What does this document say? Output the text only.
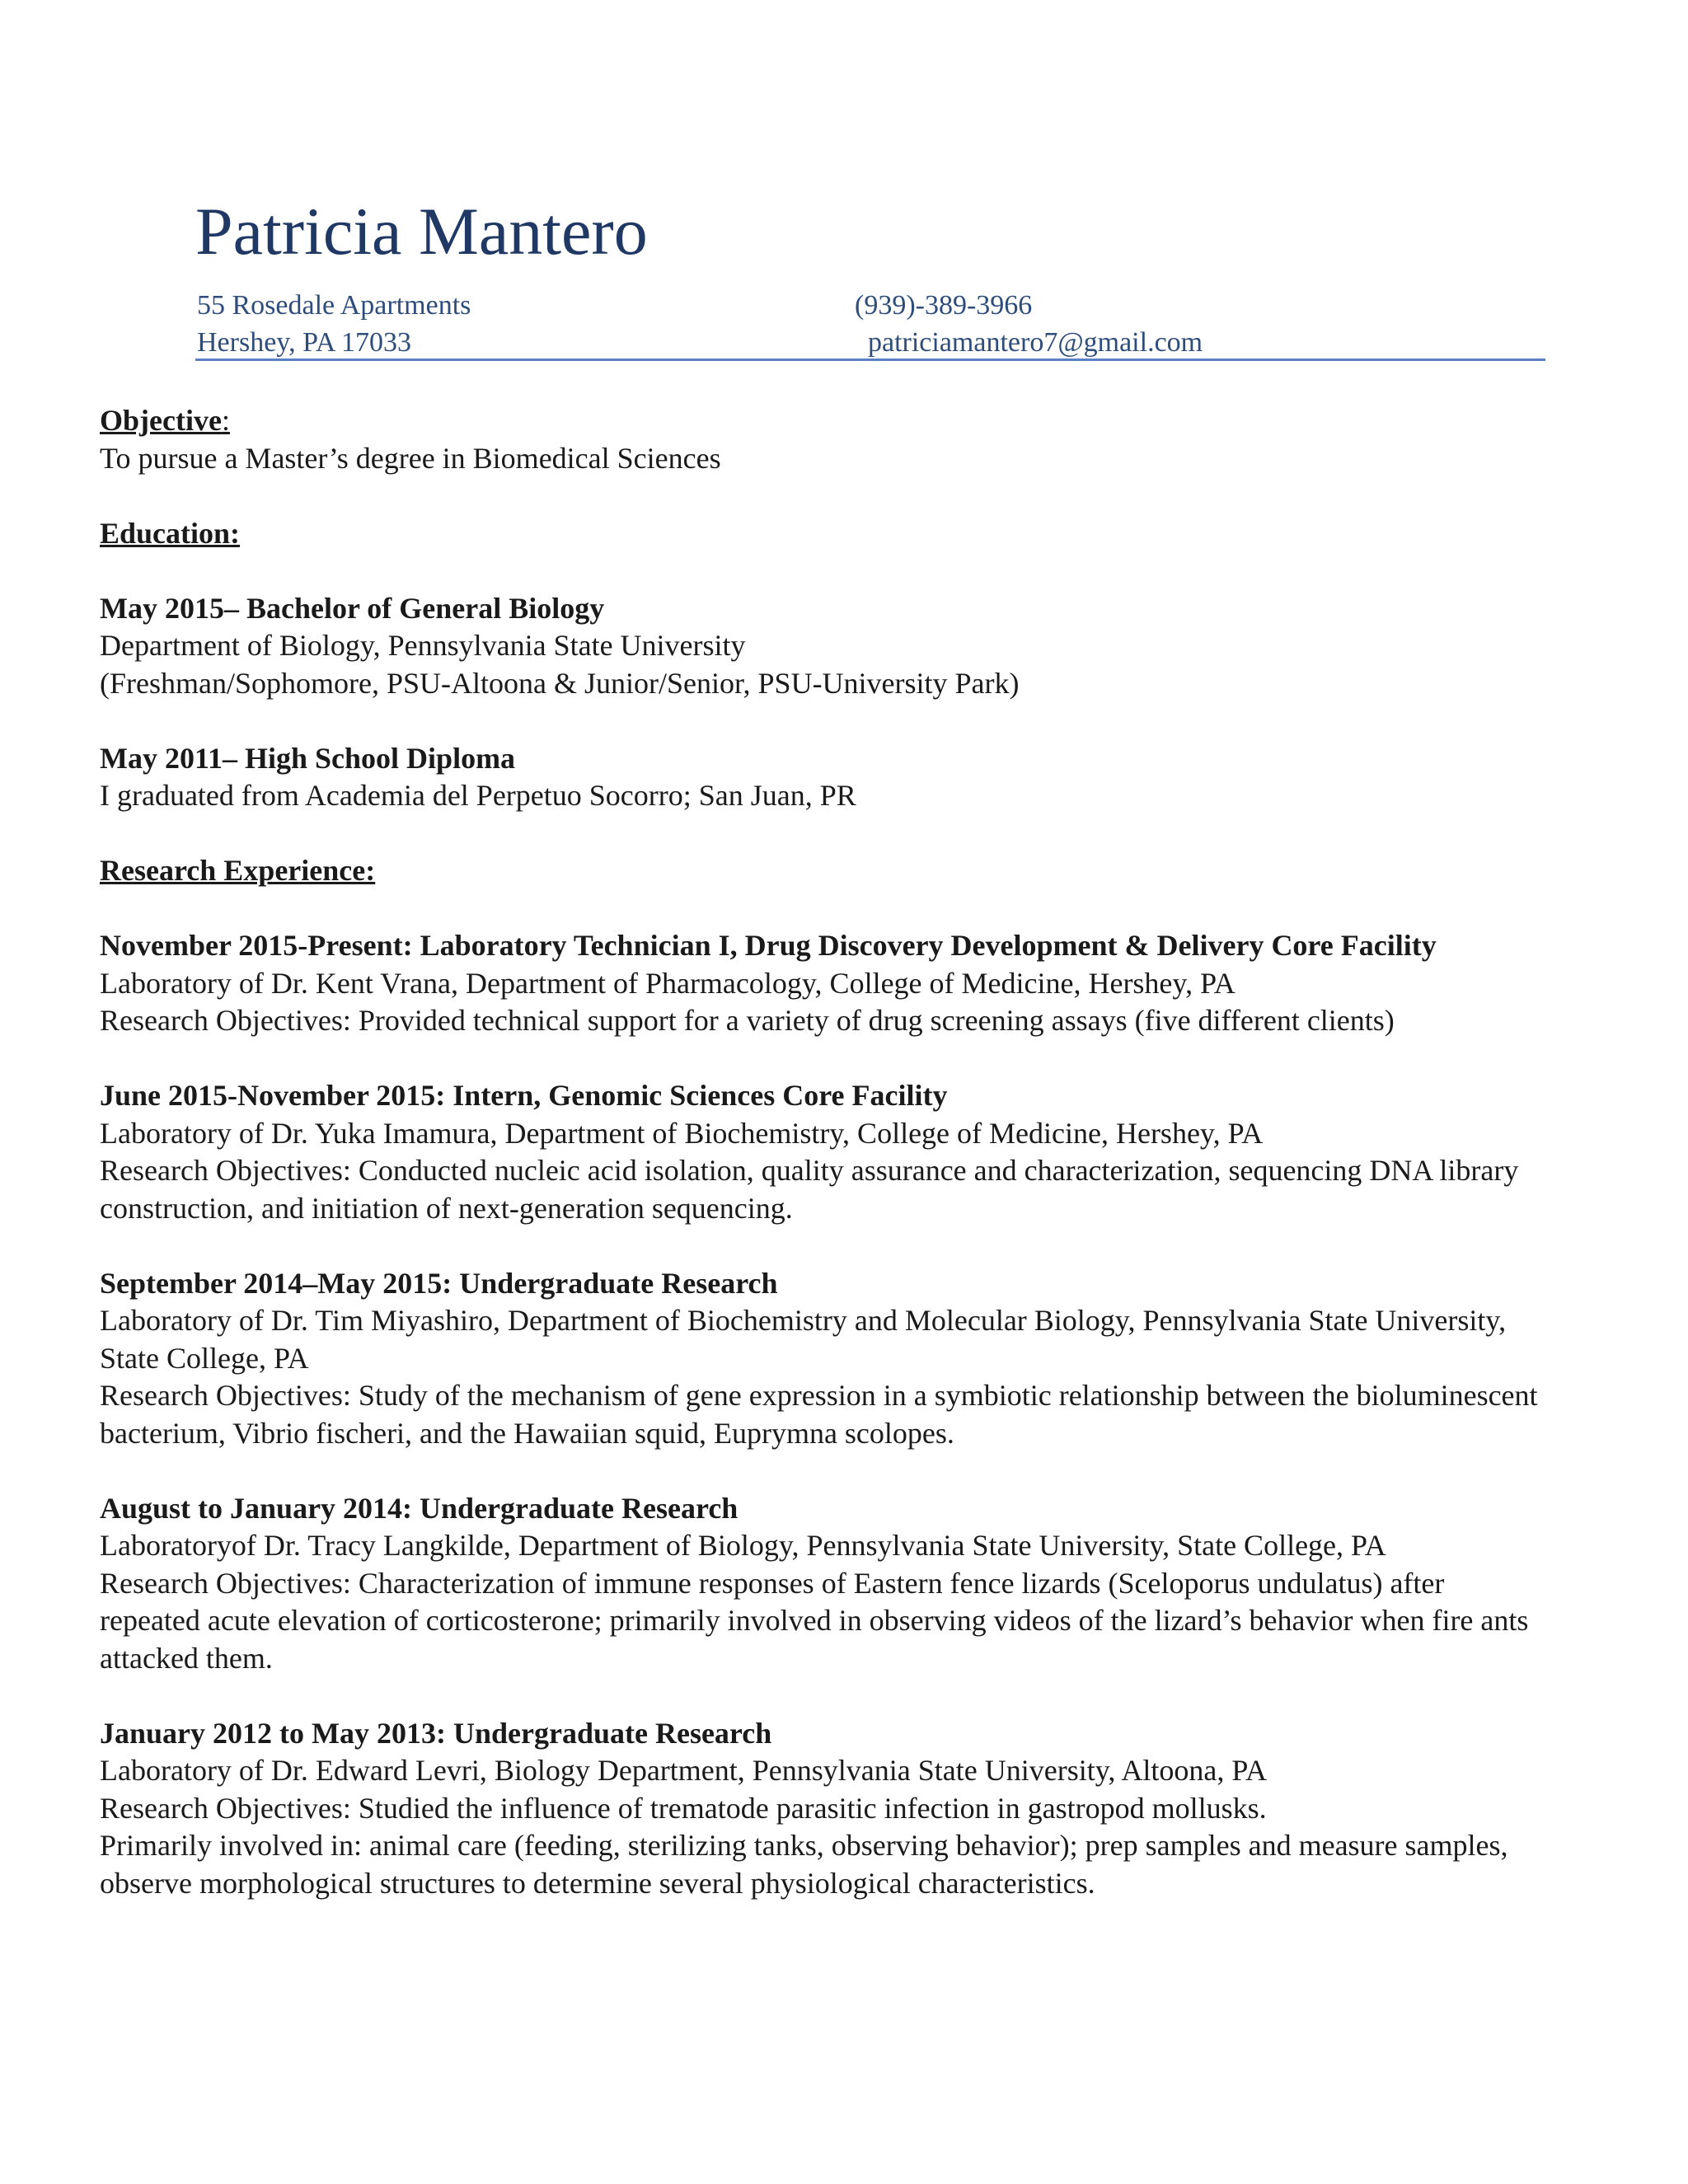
Patricia Mantero
55 Rosedale Apartments
Hershey, PA 17033
(939)-389-3966
patriciamantero7@gmail.com
Objective:
To pursue a Master’s degree in Biomedical Sciences
Education:
May 2015– Bachelor of General Biology
Department of Biology, Pennsylvania State University
(Freshman/Sophomore, PSU-Altoona & Junior/Senior, PSU-University Park)
May 2011– High School Diploma
I graduated from Academia del Perpetuo Socorro; San Juan, PR
Research Experience:
November 2015-Present: Laboratory Technician I, Drug Discovery Development & Delivery Core Facility
Laboratory of Dr. Kent Vrana, Department of Pharmacology, College of Medicine, Hershey, PA
Research Objectives: Provided technical support for a variety of drug screening assays (five different clients)
June 2015-November 2015: Intern, Genomic Sciences Core Facility
Laboratory of Dr. Yuka Imamura, Department of Biochemistry, College of Medicine, Hershey, PA
Research Objectives: Conducted nucleic acid isolation, quality assurance and characterization, sequencing DNA library construction, and initiation of next-generation sequencing.
September 2014–May 2015: Undergraduate Research
Laboratory of Dr. Tim Miyashiro, Department of Biochemistry and Molecular Biology, Pennsylvania State University, State College, PA
Research Objectives: Study of the mechanism of gene expression in a symbiotic relationship between the bioluminescent bacterium, Vibrio fischeri, and the Hawaiian squid, Euprymna scolopes.
August to January 2014: Undergraduate Research
Laboratoryof Dr. Tracy Langkilde, Department of Biology, Pennsylvania State University, State College, PA
Research Objectives: Characterization of immune responses of Eastern fence lizards (Sceloporus undulatus) after repeated acute elevation of corticosterone; primarily involved in observing videos of the lizard’s behavior when fire ants attacked them.
January 2012 to May 2013: Undergraduate Research
Laboratory of Dr. Edward Levri, Biology Department, Pennsylvania State University, Altoona, PA
Research Objectives: Studied the influence of trematode parasitic infection in gastropod mollusks.
Primarily involved in: animal care (feeding, sterilizing tanks, observing behavior); prep samples and measure samples, observe morphological structures to determine several physiological characteristics.
